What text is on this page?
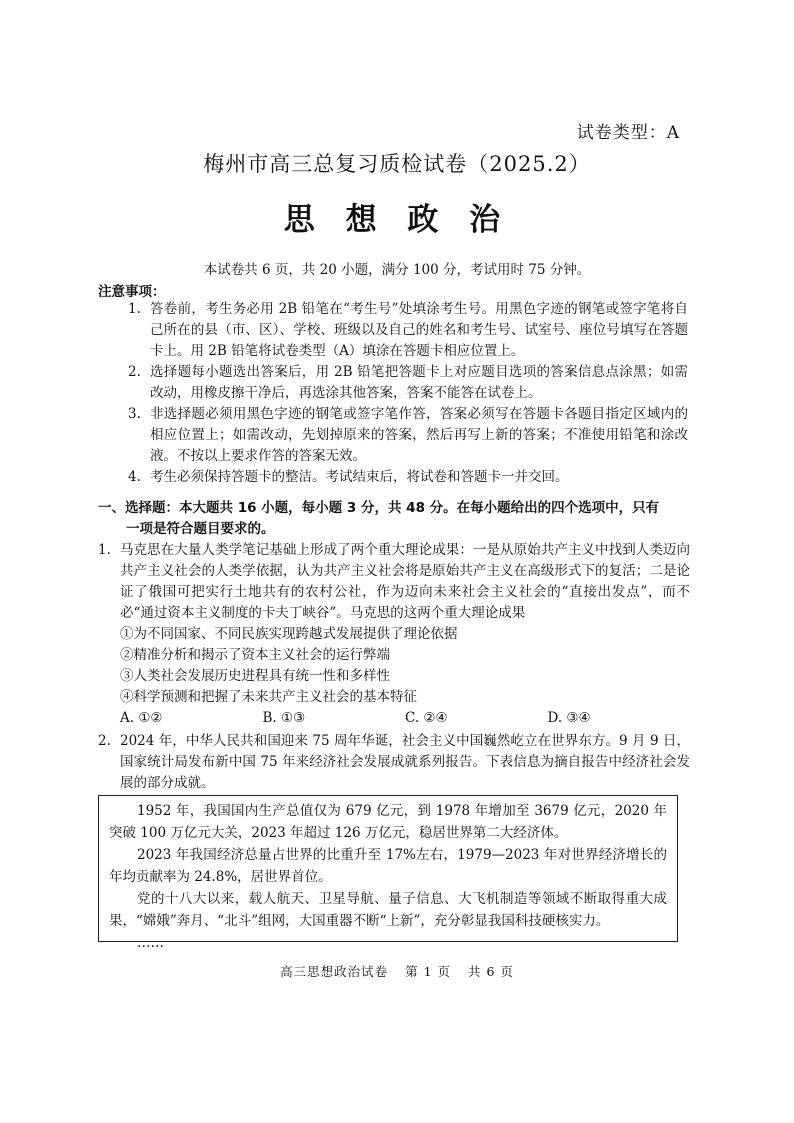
试卷类型：A
梅州市高三总复习质检试卷（2025.2）
思 想 政 治
本试卷共 6 页，共 20 小题，满分 100 分，考试用时 75 分钟。
注意事项：
1. 答卷前，考生务必用 2B 铅笔在“考生号”处填涂考生号。用黑色字迹的钢笔或签字笔将自己所在的县（市、区）、学校、班级以及自己的姓名和考生号、试室号、座位号填写在答题卡上。用 2B 铅笔将试卷类型（A）填涂在答题卡相应位置上。
2. 选择题每小题选出答案后，用 2B 铅笔把答题卡上对应题目选项的答案信息点涂黑；如需改动，用橡皮擦干净后，再选涂其他答案，答案不能答在试卷上。
3. 非选择题必须用黑色字迹的钢笔或签字笔作答，答案必须写在答题卡各题目指定区域内的相应位置上；如需改动，先划掉原来的答案，然后再写上新的答案；不准使用铅笔和涂改液。不按以上要求作答的答案无效。
4. 考生必须保持答题卡的整洁。考试结束后，将试卷和答题卡一并交回。
一、选择题：本大题共 16 小题，每小题 3 分，共 48 分。在每小题给出的四个选项中，只有
一项是符合题目要求的。
1. 马克思在大量人类学笔记基础上形成了两个重大理论成果：一是从原始共产主义中找到人类迈向共产主义社会的人类学依据，认为共产主义社会将是原始共产主义在高级形式下的复活；二是论证了俄国可把实行土地共有的农村公社，作为迈向未来社会主义社会的“直接出发点”，而不必“通过资本主义制度的卡夫丁峡谷”。马克思的这两个重大理论成果
①为不同国家、不同民族实现跨越式发展提供了理论依据
②精准分析和揭示了资本主义社会的运行弊端
③人类社会发展历史进程具有统一性和多样性
④科学预测和把握了未来共产主义社会的基本特征
A. ①②	B. ①③	C. ②④	D. ③④
2. 2024 年，中华人民共和国迎来 75 周年华诞，社会主义中国巍然屹立在世界东方。9 月 9 日，国家统计局发布新中国 75 年来经济社会发展成就系列报告。下表信息为摘自报告中经济社会发展的部分成就。

1952 年，我国国内生产总值仅为 679 亿元，到 1978 年增加至 3679 亿元，2020 年突破 100 万亿元大关，2023 年超过 126 万亿元，稳居世界第二大经济体。

2023 年我国经济总量占世界的比重升至 17%左右，1979—2023 年对世界经济增长的年均贡献率为 24.8%，居世界首位。

党的十八大以来，载人航天、卫星导航、量子信息、大飞机制造等领域不断取得重大成果，“嫦娥”奔月、“北斗”组网，大国重器不断“上新”，充分彰显我国科技硬核实力。

……

高三思想政治试卷 第 1 页 共 6 页
